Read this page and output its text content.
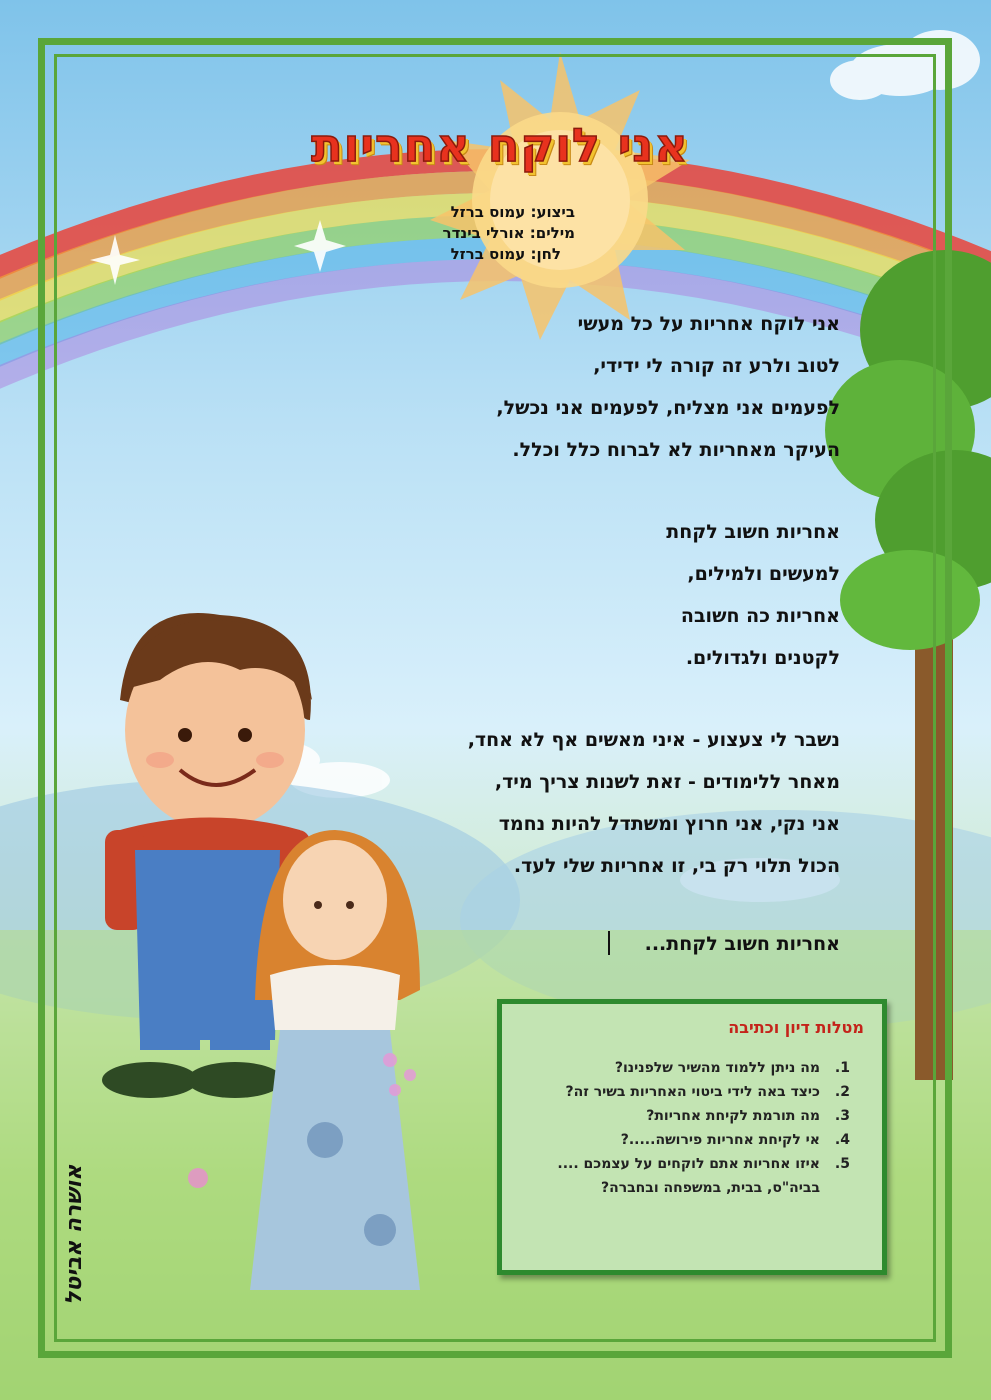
אני לוקח אחריות
ביצוע: עמוס ברזל
מילים: אורלי בינדר
לחן: עמוס ברזל
אני לוקח אחריות על כל מעשי
לטוב ולרע זה קורה לי ידידי,
לפעמים אני מצליח, לפעמים אני נכשל,
העיקר מאחריות לא לברוח כלל וכלל.
אחריות חשוב לקחת
למעשים ולמילים,
אחריות כה חשובה
לקטנים ולגדולים.
נשבר לי צעצוע - איני מאשים אף לא אחד,
מאחר ללימודים - זאת לשנות צריך מיד,
אני נקי, אני חרוץ ומשתדל להיות נחמד
הכול תלוי רק בי, זו אחריות שלי לעד.
אחריות חשוב לקחת...
מטלות דיון וכתיבה
1.
מה ניתן ללמוד מהשיר שלפנינו?
2.
כיצד באה לידי ביטוי האחריות בשיר זה?
3.
מה תורמת לקיחת אחריות?
4.
אי לקיחת אחריות פירושה.....?
5.
איזו אחריות אתם לוקחים על עצמכם .... בביה"ס, בבית, במשפחה ובחברה?
אושרה אביטל
